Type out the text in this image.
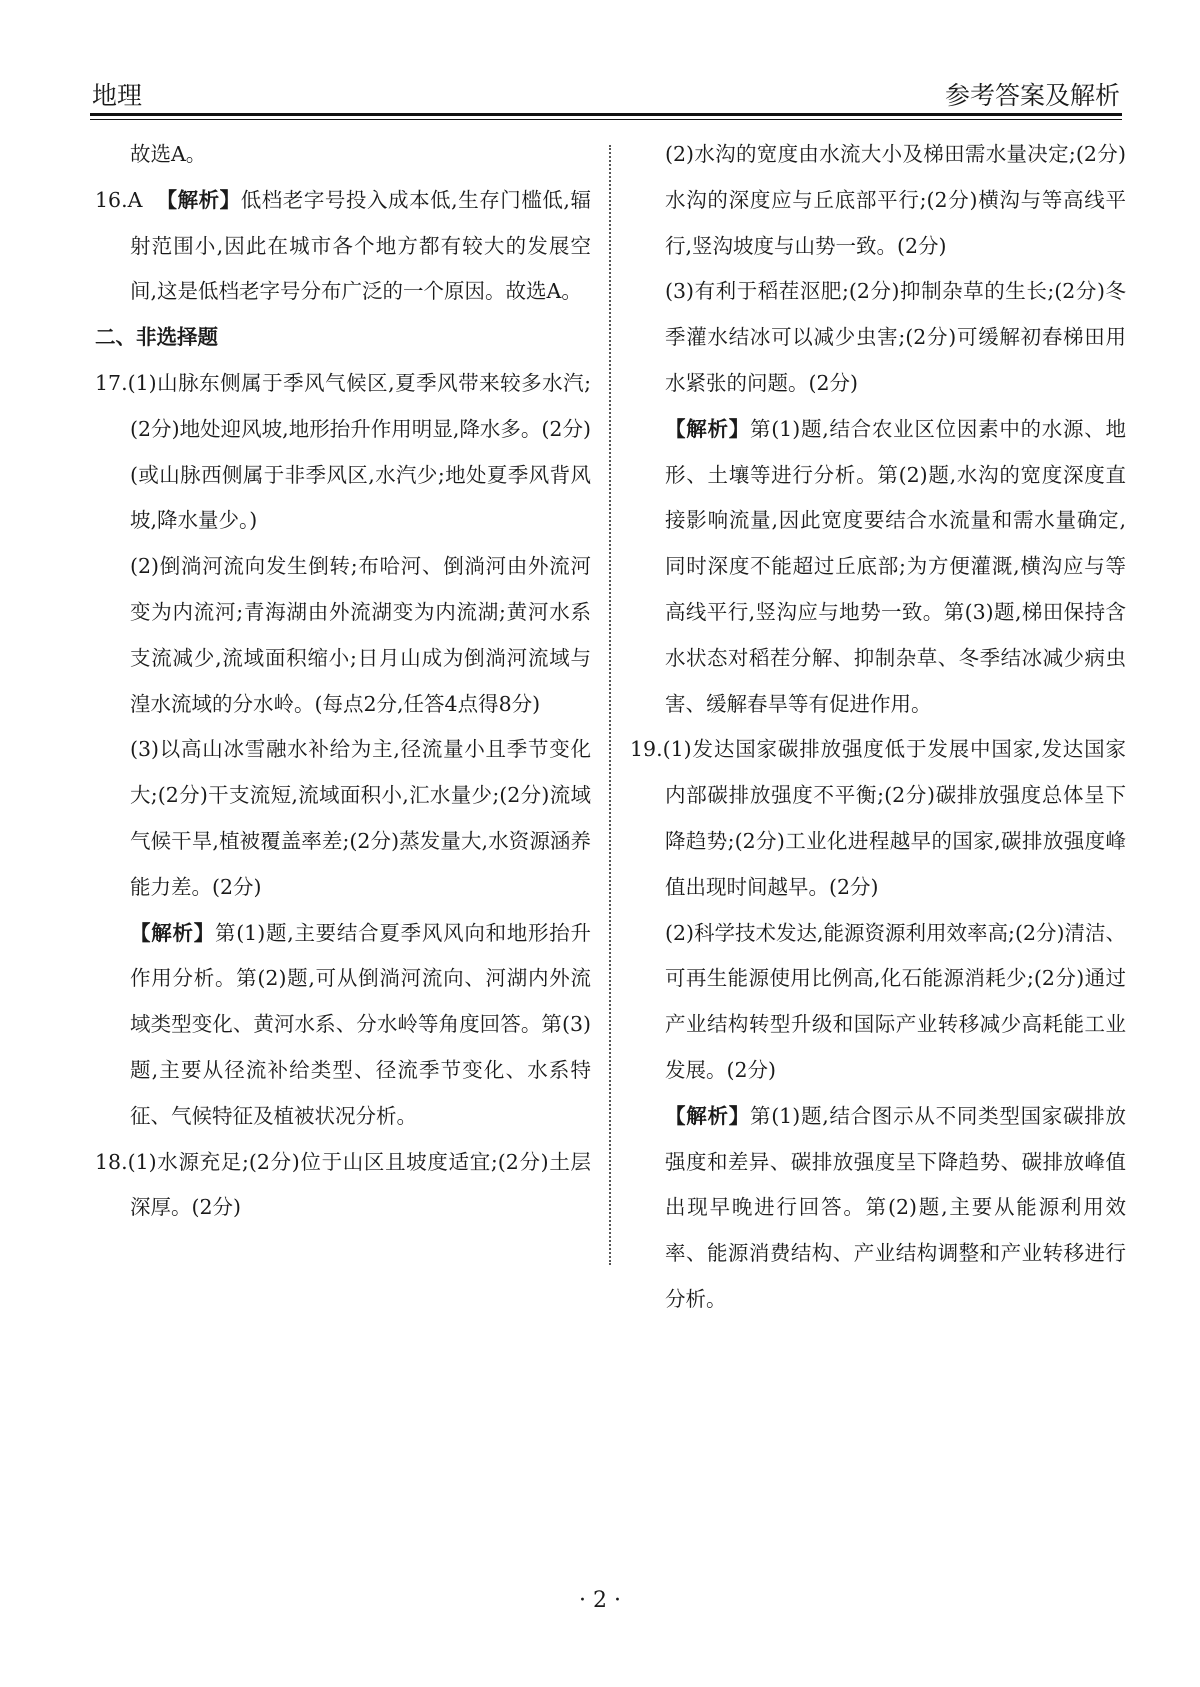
地理	参考答案及解析

故选A。

16.A 【解析】低档老字号投入成本低,生存门槛低,辐射范围小,因此在城市各个地方都有较大的发展空间,这是低档老字号分布广泛的一个原因。故选A。

二、非选择题

17.(1)山脉东侧属于季风气候区,夏季风带来较多水汽;(2分)地处迎风坡,地形抬升作用明显,降水多。(2分)(或山脉西侧属于非季风区,水汽少;地处夏季风背风坡,降水量少。)

(2)倒淌河流向发生倒转;布哈河、倒淌河由外流河变为内流河;青海湖由外流湖变为内流湖;黄河水系支流减少,流域面积缩小;日月山成为倒淌河流域与湟水流域的分水岭。(每点2分,任答4点得8分)

(3)以高山冰雪融水补给为主,径流量小且季节变化大;(2分)干支流短,流域面积小,汇水量少;(2分)流域气候干旱,植被覆盖率差;(2分)蒸发量大,水资源涵养能力差。(2分)

【解析】第(1)题,主要结合夏季风风向和地形抬升作用分析。第(2)题,可从倒淌河流向、河湖内外流域类型变化、黄河水系、分水岭等角度回答。第(3)题,主要从径流补给类型、径流季节变化、水系特征、气候特征及植被状况分析。

18.(1)水源充足;(2分)位于山区且坡度适宜;(2分)土层深厚。(2分)

(2)水沟的宽度由水流大小及梯田需水量决定;(2分)水沟的深度应与丘底部平行;(2分)横沟与等高线平行,竖沟坡度与山势一致。(2分)

(3)有利于稻茬沤肥;(2分)抑制杂草的生长;(2分)冬季灌水结冰可以减少虫害;(2分)可缓解初春梯田用水紧张的问题。(2分)

【解析】第(1)题,结合农业区位因素中的水源、地形、土壤等进行分析。第(2)题,水沟的宽度深度直接影响流量,因此宽度要结合水流量和需水量确定,同时深度不能超过丘底部;为方便灌溉,横沟应与等高线平行,竖沟应与地势一致。第(3)题,梯田保持含水状态对稻茬分解、抑制杂草、冬季结冰减少病虫害、缓解春旱等有促进作用。

19.(1)发达国家碳排放强度低于发展中国家,发达国家内部碳排放强度不平衡;(2分)碳排放强度总体呈下降趋势;(2分)工业化进程越早的国家,碳排放强度峰值出现时间越早。(2分)

(2)科学技术发达,能源资源利用效率高;(2分)清洁、可再生能源使用比例高,化石能源消耗少;(2分)通过产业结构转型升级和国际产业转移减少高耗能工业发展。(2分)

【解析】第(1)题,结合图示从不同类型国家碳排放强度和差异、碳排放强度呈下降趋势、碳排放峰值出现早晚进行回答。第(2)题,主要从能源利用效率、能源消费结构、产业结构调整和产业转移进行分析。

· 2 ·
